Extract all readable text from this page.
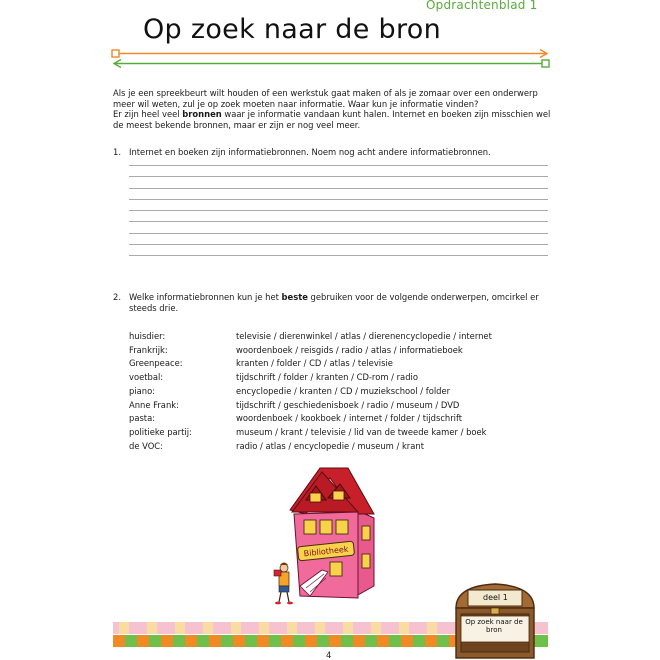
Opdrachtenblad 1
Op zoek naar de bron

Als je een spreekbeurt wilt houden of een werkstuk gaat maken of als je zomaar over een onderwerp meer wil weten, zul je op zoek moeten naar informatie. Waar kun je informatie vinden?

Er zijn heel veel bronnen waar je informatie vandaan kunt halen. Internet en boeken zijn misschien wel de meest bekende bronnen, maar er zijn er nog veel meer.

1. Internet en boeken zijn informatiebronnen. Noem nog acht andere informatiebronnen.
2. Welke informatiebronnen kun je het beste gebruiken voor de volgende onderwerpen, omcirkel er steeds drie.
huisdier:	televisie / dierenwinkel / atlas / dierenencyclopedie / internet
Frankrijk:	woordenboek / reisgids / radio / atlas / informatieboek
Greenpeace:	kranten / folder / CD / atlas / televisie
voetbal:	tijdschrift / folder / kranten / CD-rom / radio
piano:	encyclopedie / kranten / CD / muziekschool / folder
Anne Frank:	tijdschrift / geschiedenisboek / radio / museum / DVD
pasta:	woordenboek / kookboek / internet / folder / tijdschrift
politieke partij:	museum / krant / televisie / lid van de tweede kamer / boek
de VOC:	radio / atlas / encyclopedie / museum / krant
Bibliotheek
4
deel 1
Op zoek naar de bron
